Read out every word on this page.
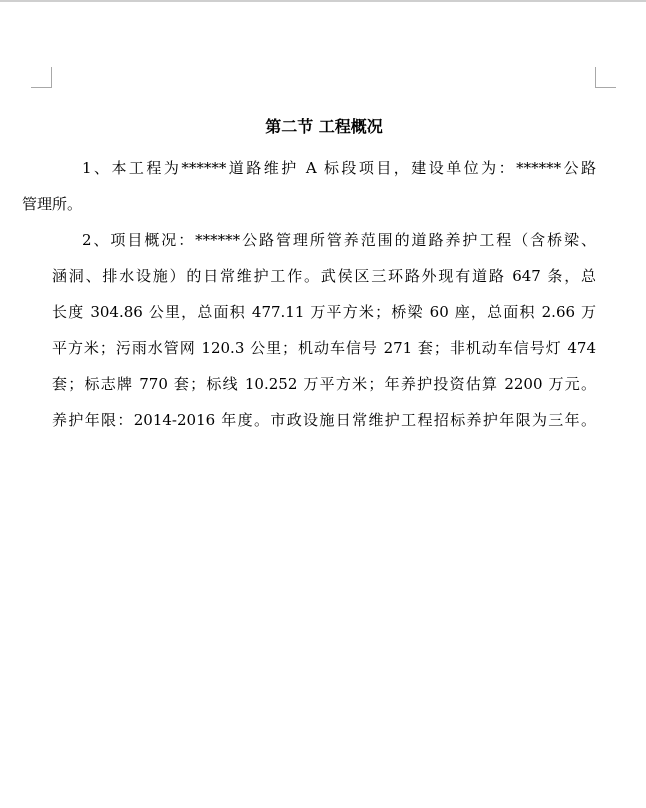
第二节 工程概况

1、本工程为******道路维护 A 标段项目，建设单位为：******公路
管理所。

2、项目概况：******公路管理所管养范围的道路养护工程（含桥梁、
涵洞、排水设施）的日常维护工作。武侯区三环路外现有道路 647 条，总
长度 304.86 公里，总面积 477.11 万平方米；桥梁 60 座，总面积 2.66 万
平方米；污雨水管网 120.3 公里；机动车信号 271 套；非机动车信号灯 474
套；标志牌 770 套；标线 10.252 万平方米；年养护投资估算 2200 万元。
养护年限：2014-2016 年度。市政设施日常维护工程招标养护年限为三年。
